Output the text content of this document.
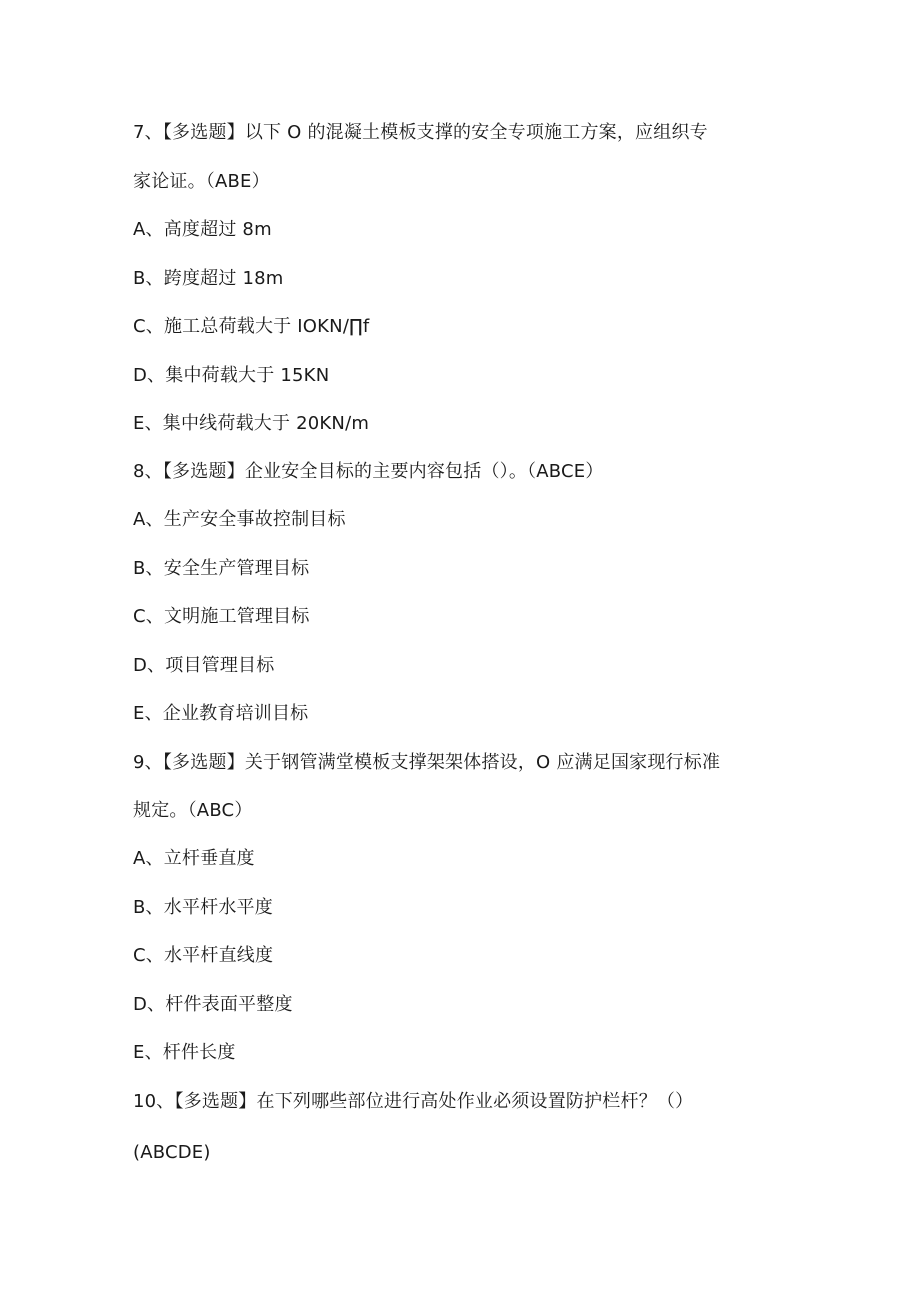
7、【多选题】以下 O 的混凝土模板支撑的安全专项施工方案，应组织专
家论证。（ABE）
A、高度超过 8m
B、跨度超过 18m
C、施工总荷载大于 IOKN∕∏f
D、集中荷载大于 15KN
E、集中线荷载大于 20KN∕m
8、【多选题】企业安全目标的主要内容包括（）。（ABCE）
A、生产安全事故控制目标
B、安全生产管理目标
C、文明施工管理目标
D、项目管理目标
E、企业教育培训目标
9、【多选题】关于钢管满堂模板支撑架架体搭设，O 应满足国家现行标准
规定。（ABC）
A、立杆垂直度
B、水平杆水平度
C、水平杆直线度
D、杆件表面平整度
E、杆件长度
10、【多选题】在下列哪些部位进行高处作业必须设置防护栏杆？（）
(ABCDE)
